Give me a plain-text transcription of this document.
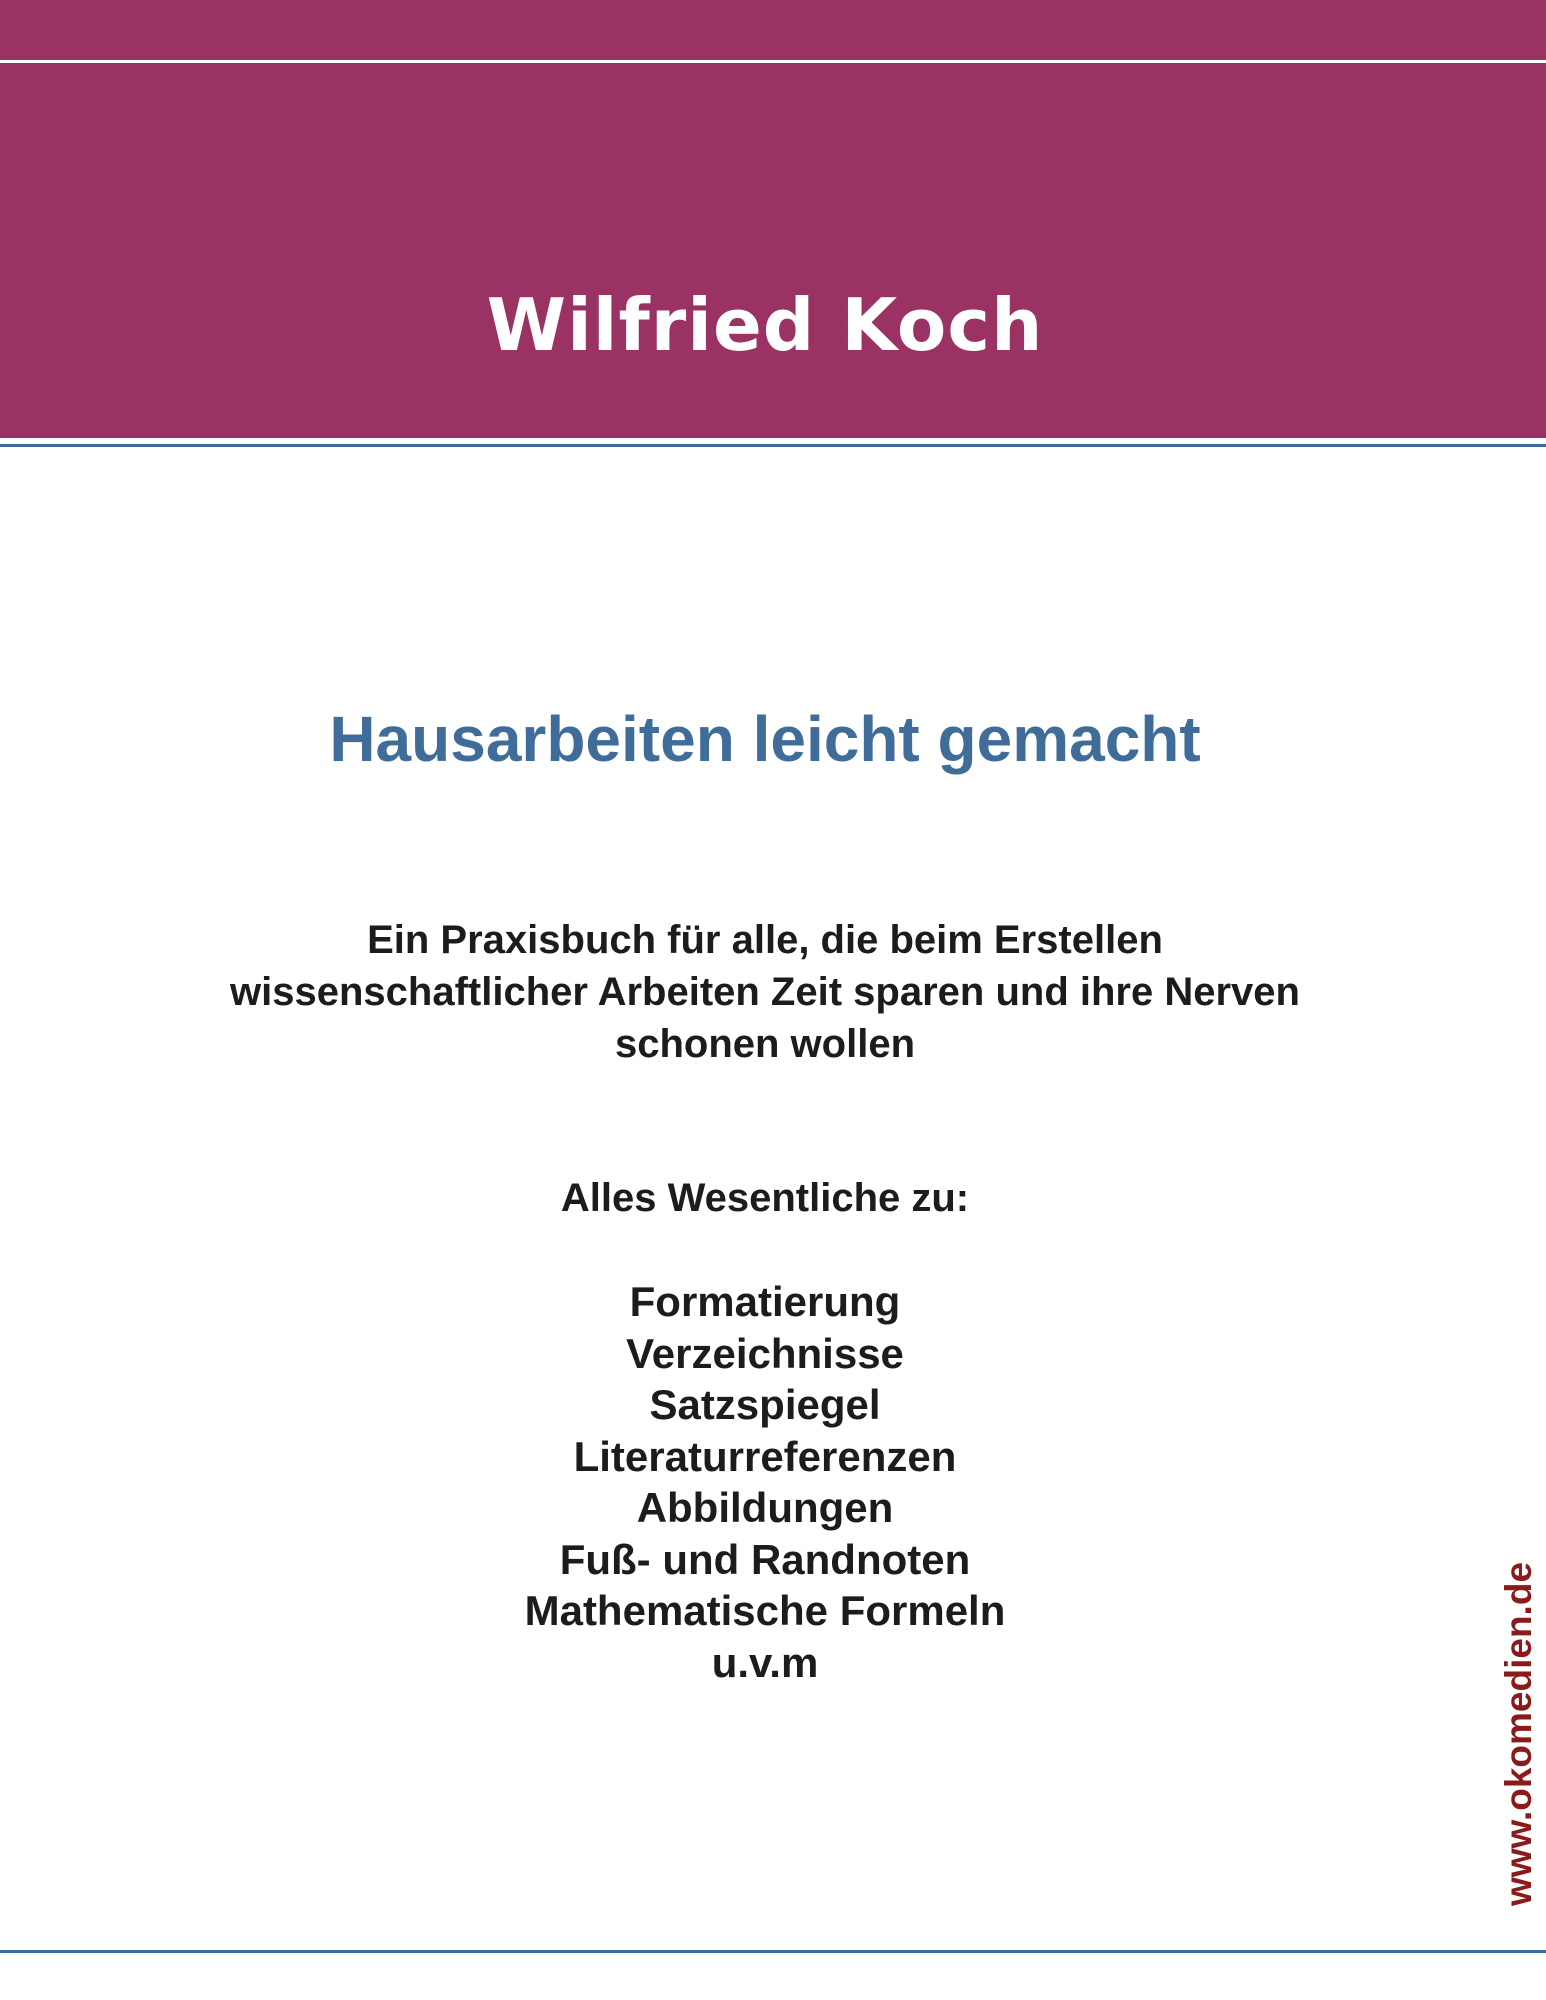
Wilfried Koch
Hausarbeiten leicht gemacht
Ein Praxisbuch für alle, die beim Erstellen
wissenschaftlicher Arbeiten Zeit sparen und ihre Nerven
schonen wollen
Alles Wesentliche zu:
Formatierung
Verzeichnisse
Satzspiegel
Literaturreferenzen
Abbildungen
Fuß- und Randnoten
Mathematische Formeln
u.v.m	www.okomedien.de
